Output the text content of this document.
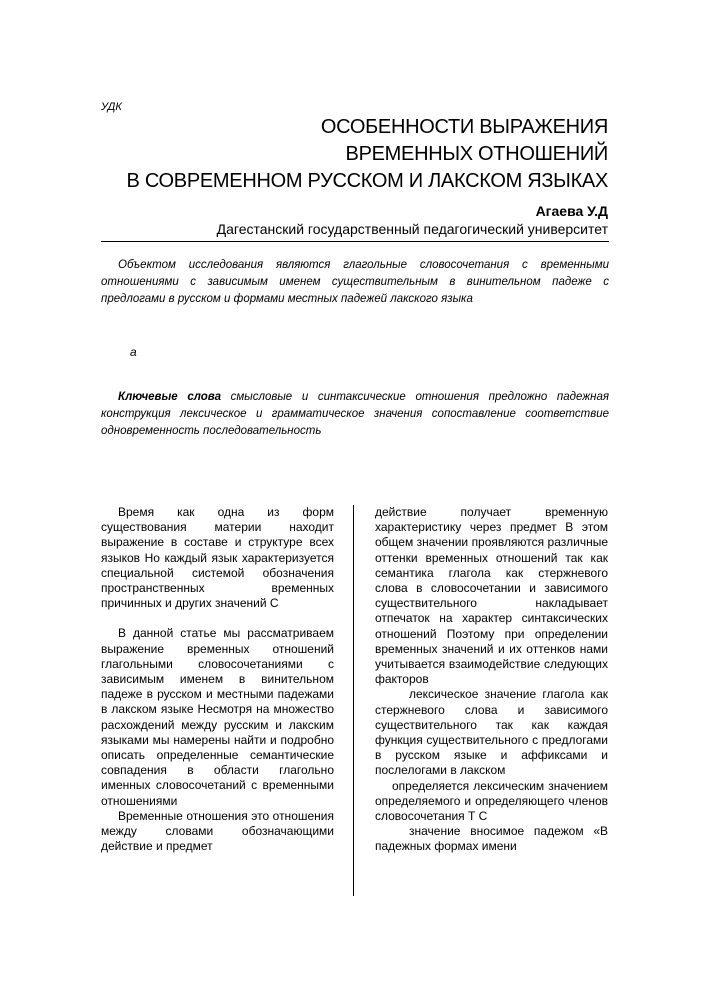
УДК
ОСОБЕННОСТИ ВЫРАЖЕНИЯ
ВРЕМЕННЫХ ОТНОШЕНИЙ
В СОВРЕМЕННОМ РУССКОМ И ЛАКСКОМ ЯЗЫКАХ
Агаева У.Д
Дагестанский государственный педагогический университет

Объектом исследования являются глагольные словосочетания с временными отношениями с зависимым именем существительным в винительном падеже с предлогами в русском и формами местных падежей лакского языка

а

Ключевые слова смысловые и синтаксические отношения предложно падежная конструкция лексическое и грамматическое значения сопоставление соответствие одновременность последовательность

Время как одна из форм существования материи находит выражение в составе и структуре всех языков Но каждый язык характеризуется специальной системой обозначения пространственных временных причинных и других значений С

В данной статье мы рассматриваем выражение временных отношений глагольными словосочетаниями с зависимым именем в винительном падеже в русском и местными падежами в лакском языке Несмотря на множество расхождений между русским и лакским языками мы намерены найти и подробно описать определенные семантические совпадения в области глагольно именных словосочетаний с временными отношениями

Временные отношения это отношения между словами обозначающими действие и предмет

действие получает временную характеристику через предмет В этом общем значении проявляются различные оттенки временных отношений так как семантика глагола как стержневого слова в словосочетании и зависимого существительного накладывает отпечаток на характер синтаксических отношений Поэтому при определении временных значений и их оттенков нами учитывается взаимодействие следующих факторов

лексическое значение глагола как стержневого слова и зависимого существительного так как каждая функция существительного с предлогами в русском языке и аффиксами и послелогами в лакском

определяется лексическим значением определяемого и определяющего членов словосочетания Т С

значение вносимое падежом «В падежных формах имени
